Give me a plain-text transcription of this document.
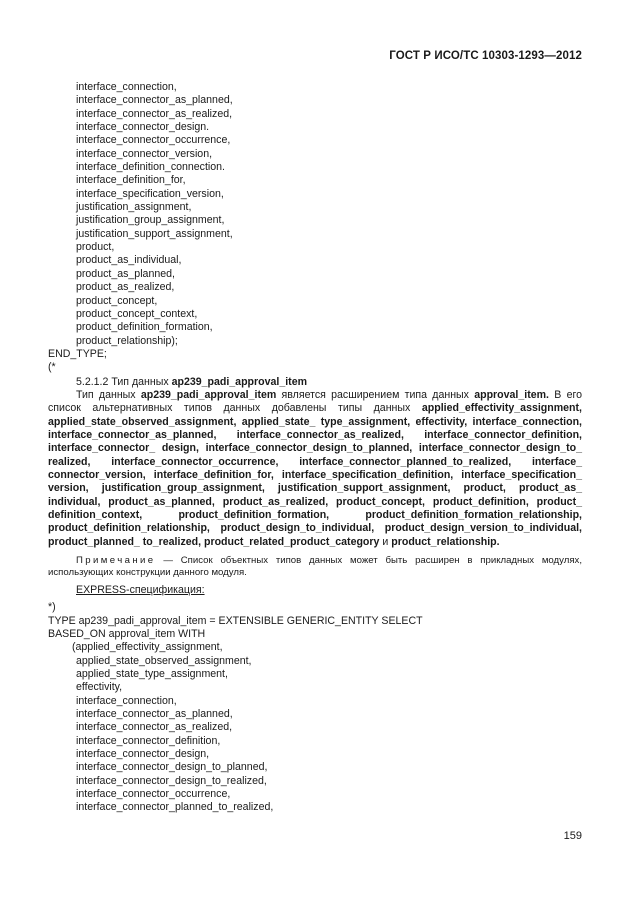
ГОСТ Р ИСО/ТС 10303-1293—2012
interface_connection,
interface_connector_as_planned,
interface_connector_as_realized,
interface_connector_design.
interface_connector_occurrence,
interface_connector_version,
interface_definition_connection.
interface_definition_for,
interface_specification_version,
justification_assignment,
justification_group_assignment,
justification_support_assignment,
product,
product_as_individual,
product_as_planned,
product_as_realized,
product_concept,
product_concept_context,
product_definition_formation,
product_relationship);
END_TYPE;
(*
5.2.1.2 Тип данных ap239_padi_approval_item

Тип данных ap239_padi_approval_item является расширением типа данных approval_item. В его список альтернативных типов данных добавлены типы данных applied_effectivity_assignment, applied_state_observed_assignment, applied_state_ type_assignment, effectivity, interface_connection, interface_connector_as_planned, interface_connector_as_realized, interface_connector_definition, interface_connector_ design, interface_connector_design_to_planned, interface_connector_design_to_ realized, interface_connector_occurrence, interface_connector_planned_to_realized, interface_ connector_version, interface_definition_for, interface_specification_definition, interface_specification_ version, justification_group_assignment, justification_support_assignment, product, product_as_ individual, product_as_planned, product_as_realized, product_concept, product_definition, product_ definition_context, product_definition_formation, product_definition_formation_relationship, product_definition_relationship, product_design_to_individual, product_design_version_to_individual, product_planned_ to_realized, product_related_product_category и product_relationship.

Примечание — Список объектных типов данных может быть расширен в прикладных модулях, использующих конструкции данного модуля.

EXPRESS-спецификация:
*)
TYPE ap239_padi_approval_item = EXTENSIBLE GENERIC_ENTITY SELECT
BASED_ON approval_item WITH
(applied_effectivity_assignment,
applied_state_observed_assignment,
applied_state_type_assignment,
effectivity,
interface_connection,
interface_connector_as_planned,
interface_connector_as_realized,
interface_connector_definition,
interface_connector_design,
interface_connector_design_to_planned,
interface_connector_design_to_realized,
interface_connector_occurrence,
interface_connector_planned_to_realized,
159
